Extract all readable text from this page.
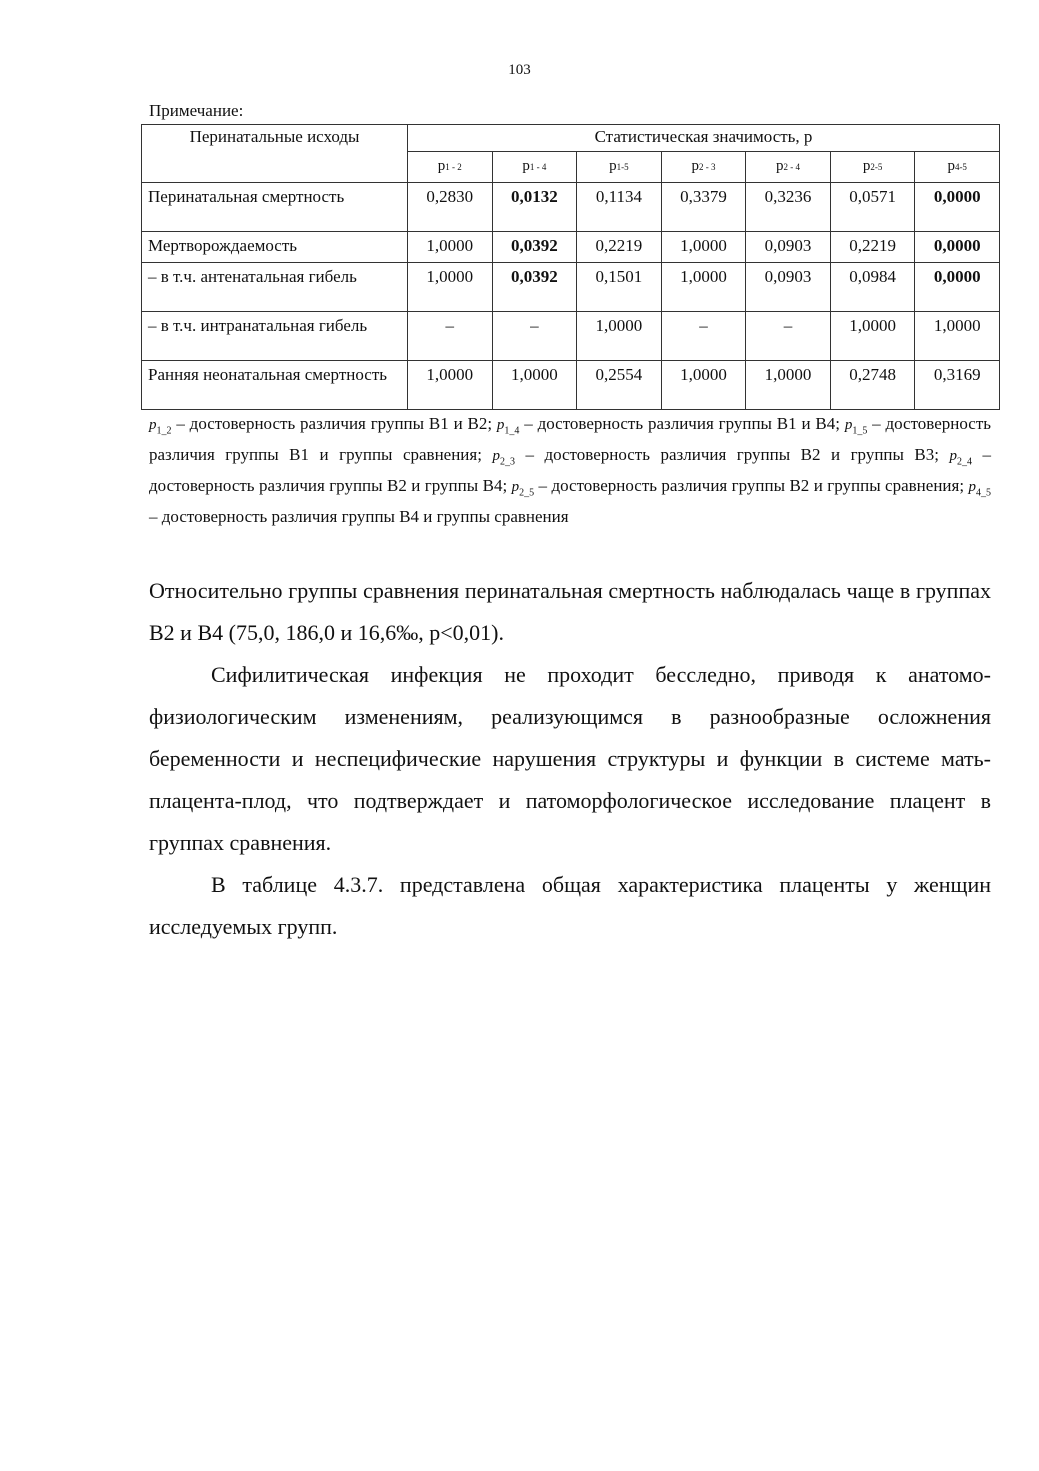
103
Примечание:
Перинатальные исходы	Статистическая значимость, р						
	р1 - 2	р1 - 4	р1-5	р2 - 3	р2 - 4	р2-5	р4-5
Перинатальная смертность	0,2830	0,0132	0,1134	0,3379	0,3236	0,0571	0,0000
Мертворождаемость	1,0000	0,0392	0,2219	1,0000	0,0903	0,2219	0,0000
– в т.ч. антенатальная гибель	1,0000	0,0392	0,1501	1,0000	0,0903	0,0984	0,0000
– в т.ч. интранатальная гибель	–	–	1,0000	–	–	1,0000	1,0000
Ранняя неонатальная смертность	1,0000	1,0000	0,2554	1,0000	1,0000	0,2748	0,3169
$p_{1\_2}$ – достоверность различия группы В1 и В2; $p_{1\_4}$ – достоверность различия группы В1 и В4; $p_{1\_5}$ – достоверность различия группы В1 и группы сравнения; $p_{2\_3}$ – достоверность различия группы В2 и группы В3; $p_{2\_4}$ – достоверность различия группы В2 и группы В4; $p_{2\_5}$ – достоверность различия группы В2 и группы сравнения; $p_{4\_5}$ – достоверность различия группы В4 и группы сравнения

Относительно группы сравнения перинатальная смертность наблюдалась чаще в группах В2 и В4 (75,0, 186,0 и 16,6‰, р<0,01).

Сифилитическая инфекция не проходит бесследно, приводя к анатомо-физиологическим изменениям, реализующимся в разнообразные осложнения беременности и неспецифические нарушения структуры и функции в системе мать-плацента-плод, что подтверждает и патоморфологическое исследование плацент в группах сравнения.

В таблице 4.3.7. представлена общая характеристика плаценты у женщин исследуемых групп.
